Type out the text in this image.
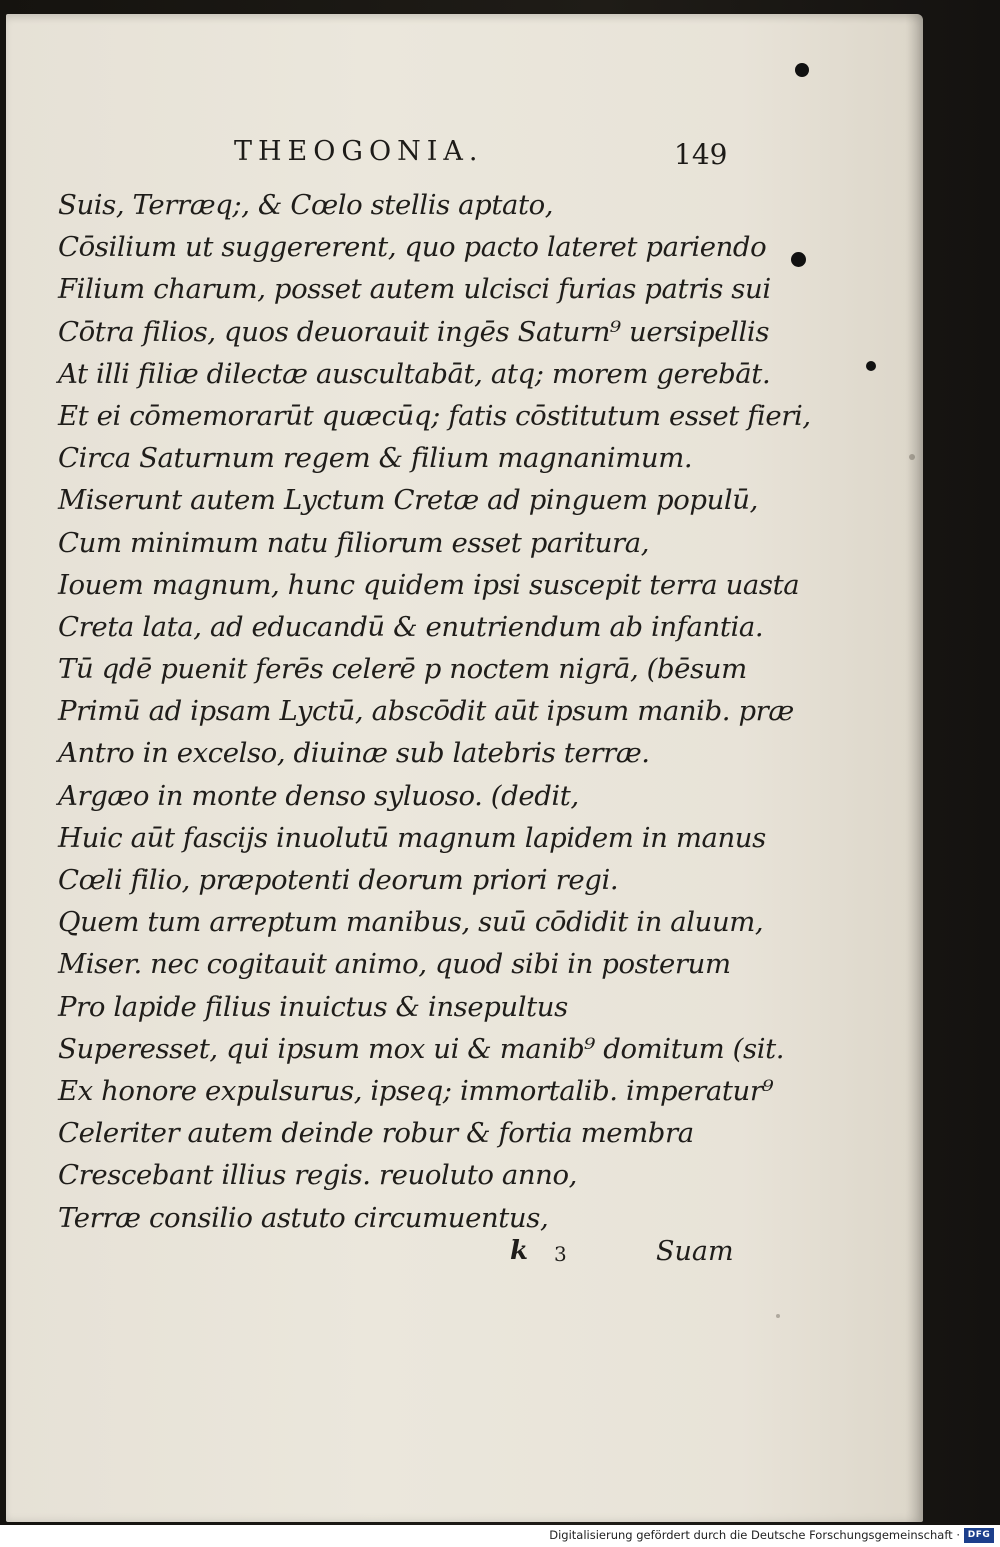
THEOGONIA.	149
Suis, Terræq;, & Cœlo stellis aptato,
Cōsilium ut suggererent, quo pacto lateret pariendo
Filium charum, posset autem ulcisci furias patris sui
Cōtra filios, quos deuorauit ingēs Saturn⁹ uersipellis
At illi filiæ dilectæ auscultabāt, atq; morem gerebāt.
Et ei cōmemorarūt quæcūq; fatis cōstitutum esset fieri,
Circa Saturnum regem & filium magnanimum.
Miserunt autem Lyctum Cretæ ad pinguem populū,
Cum minimum natu filiorum esset paritura,
Iouem magnum, hunc quidem ipsi suscepit terra uasta
Creta lata, ad educandū & enutriendum ab infantia.
Tū qdē puenit ferēs celerē p noctem nigrā, (bēsum
Primū ad ipsam Lyctū, abscōdit aūt ipsum manib. præ
Antro in excelso, diuinæ sub latebris terræ.
Argæo in monte denso syluoso. (dedit,
Huic aūt fascijs inuolutū magnum lapidem in manus
Cœli filio, præpotenti deorum priori regi.
Quem tum arreptum manibus, suū cōdidit in aluum,
Miser. nec cogitauit animo, quod sibi in posterum
Pro lapide filius inuictus & insepultus
Superesset, qui ipsum mox ui & manib⁹ domitum (sit.
Ex honore expulsurus, ipseq; immortalib. imperatur⁹
Celeriter autem deinde robur & fortia membra
Crescebant illius regis. reuoluto anno,
Terræ consilio astuto circumuentus,
k 3	Suam
Digitalisierung gefördert durch die Deutsche Forschungsgemeinschaft · DFG
